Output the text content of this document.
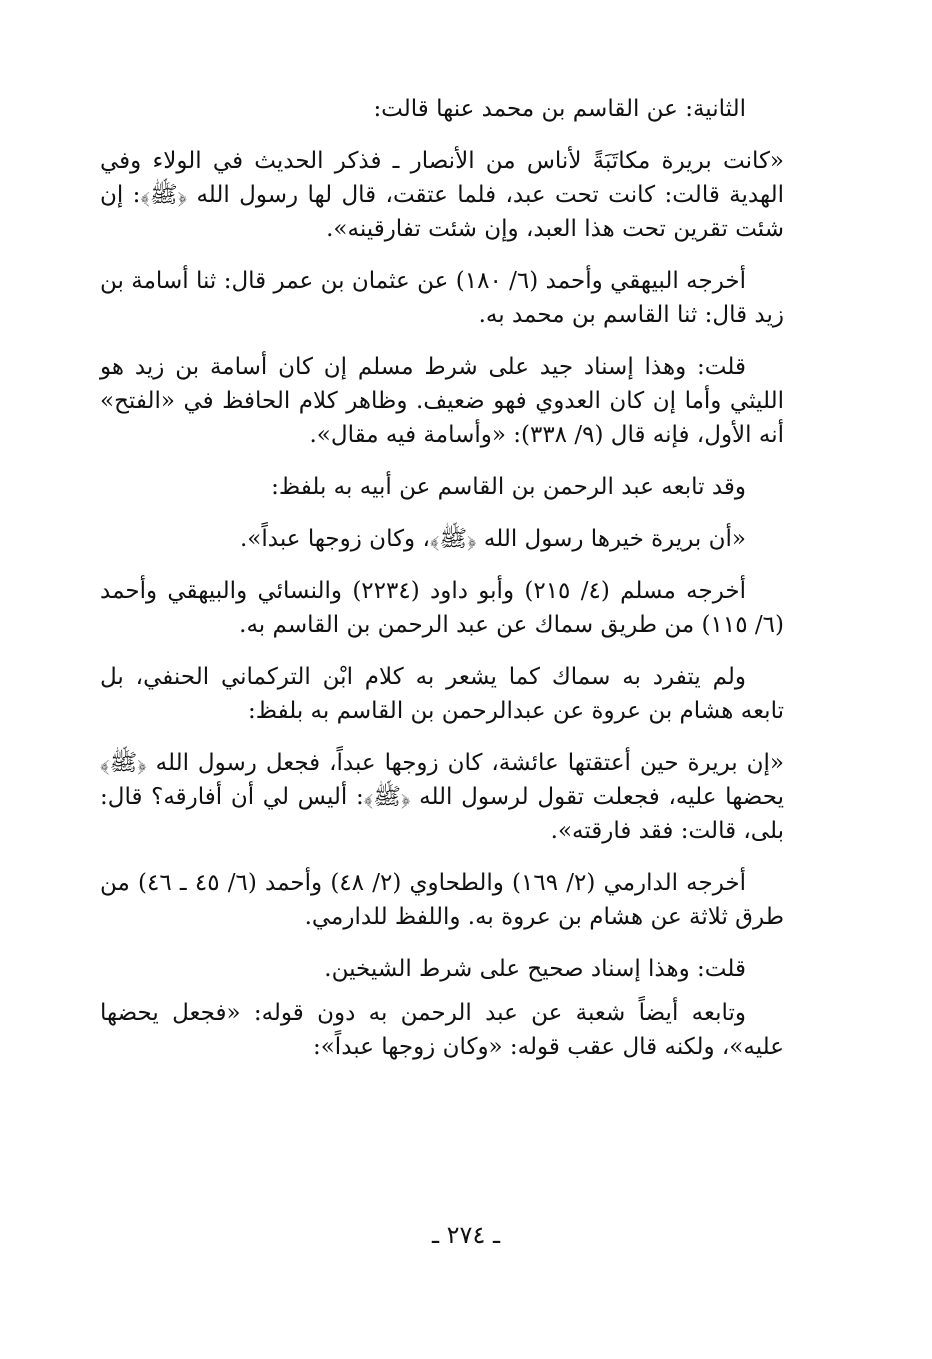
الثانية: عن القاسم بن محمد عنها قالت:

«كانت بريرة مكاتَبَةً لأناس من الأنصار ـ فذكر الحديث في الولاء وفي الهدية قالت: كانت تحت عبد، فلما عتقت، قال لها رسول الله ﴿ﷺ﴾: إن شئت تقرين تحت هذا العبد، وإن شئت تفارقينه».

أخرجه البيهقي وأحمد (٦/ ١٨٠) عن عثمان بن عمر قال: ثنا أسامة بن زيد قال: ثنا القاسم بن محمد به.

قلت: وهذا إسناد جيد على شرط مسلم إن كان أسامة بن زيد هو الليثي وأما إن كان العدوي فهو ضعيف. وظاهر كلام الحافظ في «الفتح» أنه الأول، فإنه قال (٩/ ٣٣٨): «وأسامة فيه مقال».

وقد تابعه عبد الرحمن بن القاسم عن أبيه به بلفظ:

«أن بريرة خيرها رسول الله ﴿ﷺ﴾، وكان زوجها عبداً».

أخرجه مسلم (٤/ ٢١٥) وأبو داود (٢٢٣٤) والنسائي والبيهقي وأحمد (٦/ ١١٥) من طريق سماك عن عبد الرحمن بن القاسم به.

ولم يتفرد به سماك كما يشعر به كلام ابْن التركماني الحنفي، بل تابعه هشام بن عروة عن عبدالرحمن بن القاسم به بلفظ:

«إن بريرة حين أعتقتها عائشة، كان زوجها عبداً، فجعل رسول الله ﴿ﷺ﴾ يحضها عليه، فجعلت تقول لرسول الله ﴿ﷺ﴾: أليس لي أن أفارقه؟ قال: بلى، قالت: فقد فارقته».

أخرجه الدارمي (٢/ ١٦٩) والطحاوي (٢/ ٤٨) وأحمد (٦/ ٤٥ ـ ٤٦) من طرق ثلاثة عن هشام بن عروة به. واللفظ للدارمي.

قلت: وهذا إسناد صحيح على شرط الشيخين.

وتابعه أيضاً شعبة عن عبد الرحمن به دون قوله: «فجعل يحضها عليه»، ولكنه قال عقب قوله: «وكان زوجها عبداً»:

ـ ٢٧٤ ـ
